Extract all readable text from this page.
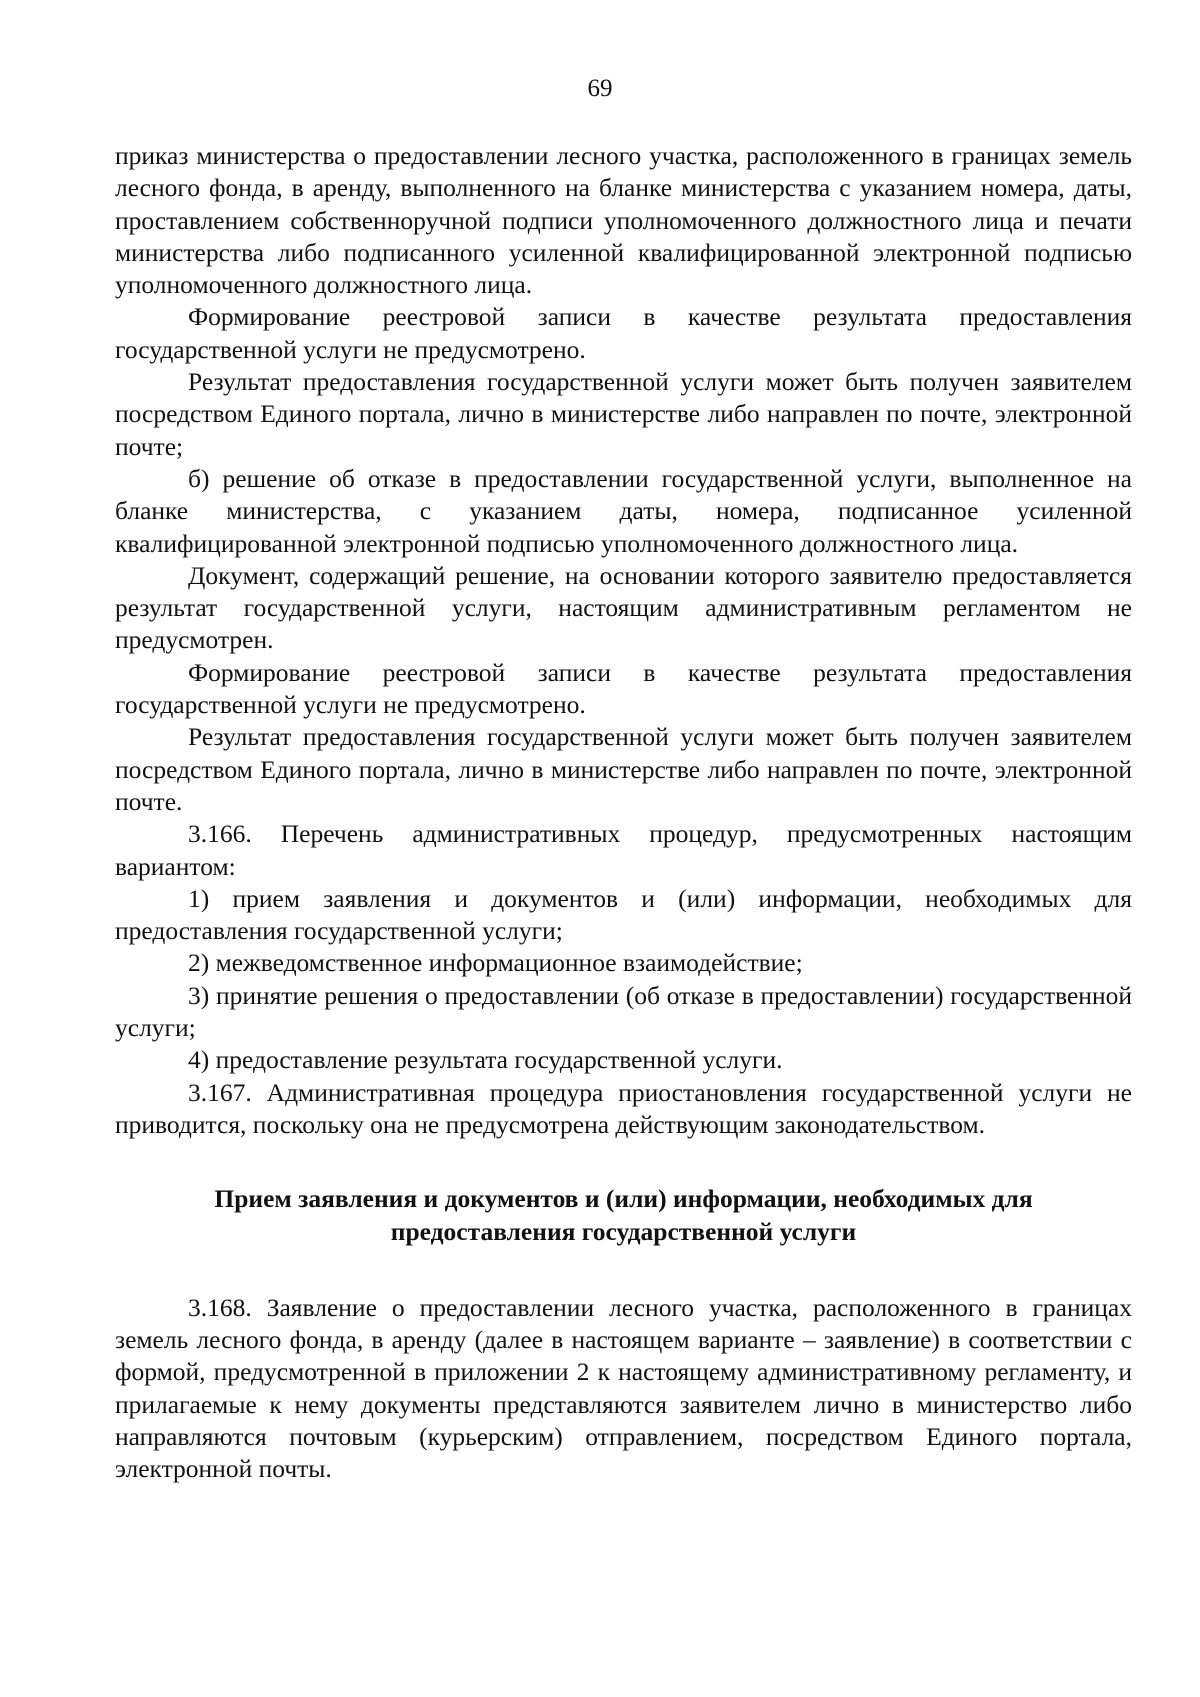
69

приказ министерства о предоставлении лесного участка, расположенного в границах земель лесного фонда, в аренду, выполненного на бланке министерства с указанием номера, даты, проставлением собственноручной подписи уполномоченного должностного лица и печати министерства либо подписанного усиленной квалифицированной электронной подписью уполномоченного должностного лица.

Формирование реестровой записи в качестве результата предоставления государственной услуги не предусмотрено.

Результат предоставления государственной услуги может быть получен заявителем посредством Единого портала, лично в министерстве либо направлен по почте, электронной почте;

б) решение об отказе в предоставлении государственной услуги, выполненное на бланке министерства, с указанием даты, номера, подписанное усиленной квалифицированной электронной подписью уполномоченного должностного лица.

Документ, содержащий решение, на основании которого заявителю предоставляется результат государственной услуги, настоящим административным регламентом не предусмотрен.

Формирование реестровой записи в качестве результата предоставления государственной услуги не предусмотрено.

Результат предоставления государственной услуги может быть получен заявителем посредством Единого портала, лично в министерстве либо направлен по почте, электронной почте.

3.166. Перечень административных процедур, предусмотренных настоящим вариантом:

1) прием заявления и документов и (или) информации, необходимых для предоставления государственной услуги;

2) межведомственное информационное взаимодействие;

3) принятие решения о предоставлении (об отказе в предоставлении) государственной услуги;

4) предоставление результата государственной услуги.

3.167. Административная процедура приостановления государственной услуги не приводится, поскольку она не предусмотрена действующим законодательством.

Прием заявления и документов и (или) информации, необходимых для
предоставления государственной услуги

3.168. Заявление о предоставлении лесного участка, расположенного в границах земель лесного фонда, в аренду (далее в настоящем варианте – заявление) в соответствии с формой, предусмотренной в приложении 2 к настоящему административному регламенту, и прилагаемые к нему документы представляются заявителем лично в министерство либо направляются почтовым (курьерским) отправлением, посредством Единого портала, электронной почты.
